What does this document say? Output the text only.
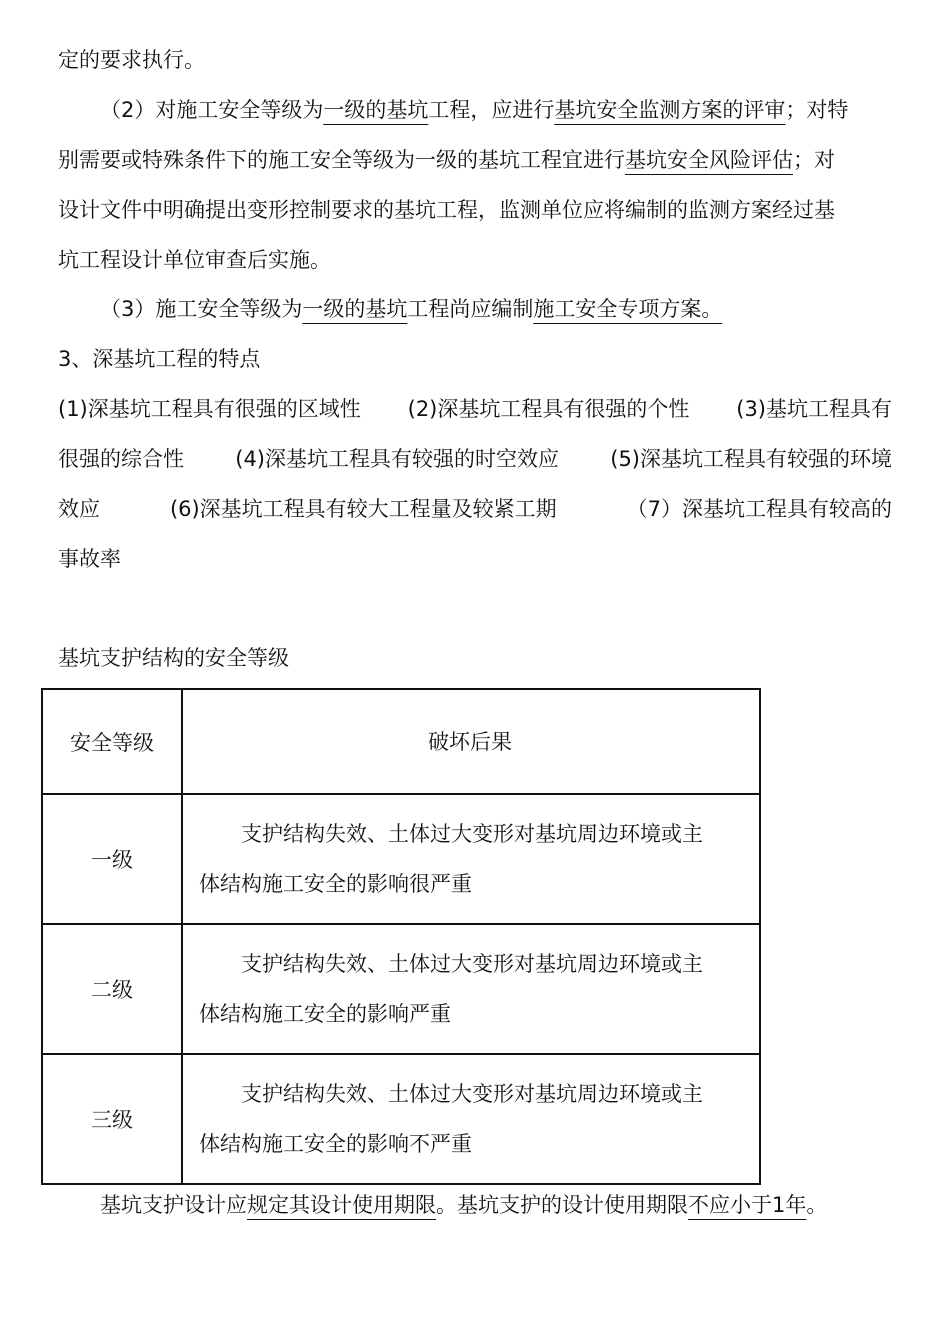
定的要求执行。
（2）对施工安全等级为一级的基坑工程，应进行基坑安全监测方案的评审；对特
别需要或特殊条件下的施工安全等级为一级的基坑工程宜进行基坑安全风险评估；对
设计文件中明确提出变形控制要求的基坑工程，监测单位应将编制的监测方案经过基
坑工程设计单位审查后实施。
（3）施工安全等级为一级的基坑工程尚应编制施工安全专项方案。
3、深基坑工程的特点
(1)深基坑工程具有很强的区域性 (2)深基坑工程具有很强的个性 (3)基坑工程具有
很强的综合性 (4)深基坑工程具有较强的时空效应 (5)深基坑工程具有较强的环境
效应	(6)深基坑工程具有较大工程量及较紧工期	（7）深基坑工程具有较高的
事故率
基坑支护结构的安全等级
安全等级	破坏后果
一级	支护结构失效、土体过大变形对基坑周边环境或主
体结构施工安全的影响很严重

二级	支护结构失效、土体过大变形对基坑周边环境或主
体结构施工安全的影响严重

三级	支护结构失效、土体过大变形对基坑周边环境或主
体结构施工安全的影响不严重
基坑支护设计应规定其设计使用期限。基坑支护的设计使用期限不应小于1年。
